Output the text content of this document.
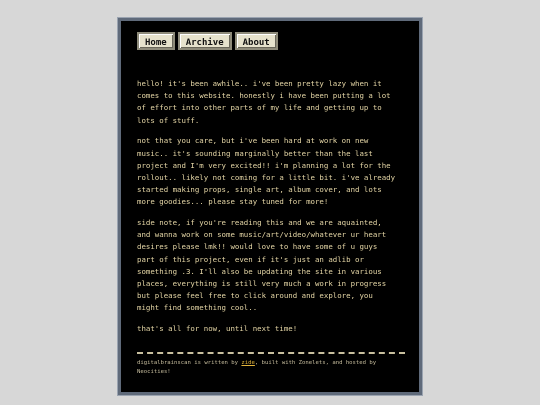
Home	Archive	About

hello! it's been awhile.. i've been pretty lazy when it
comes to this website. honestly i have been putting a lot
of effort into other parts of my life and getting up to
lots of stuff.

not that you care, but i've been hard at work on new
music.. it's sounding marginally better than the last
project and I'm very excited!! i'm planning a lot for the
rollout.. likely not coming for a little bit. i've already
started making props, single art, album cover, and lots
more goodies... please stay tuned for more!

side note, if you're reading this and we are aquainted,
and wanna work on some music/art/video/whatever ur heart
desires please lmk!! would love to have some of u guys
part of this project, even if it's just an adlib or
something .3. I'll also be updating the site in various
places, everything is still very much a work in progress
but please feel free to click around and explore, you
might find something cool..

that's all for now, until next time!

digitalbrainscan is written by zide, built with Zonelets, and hosted by
Neocities!
